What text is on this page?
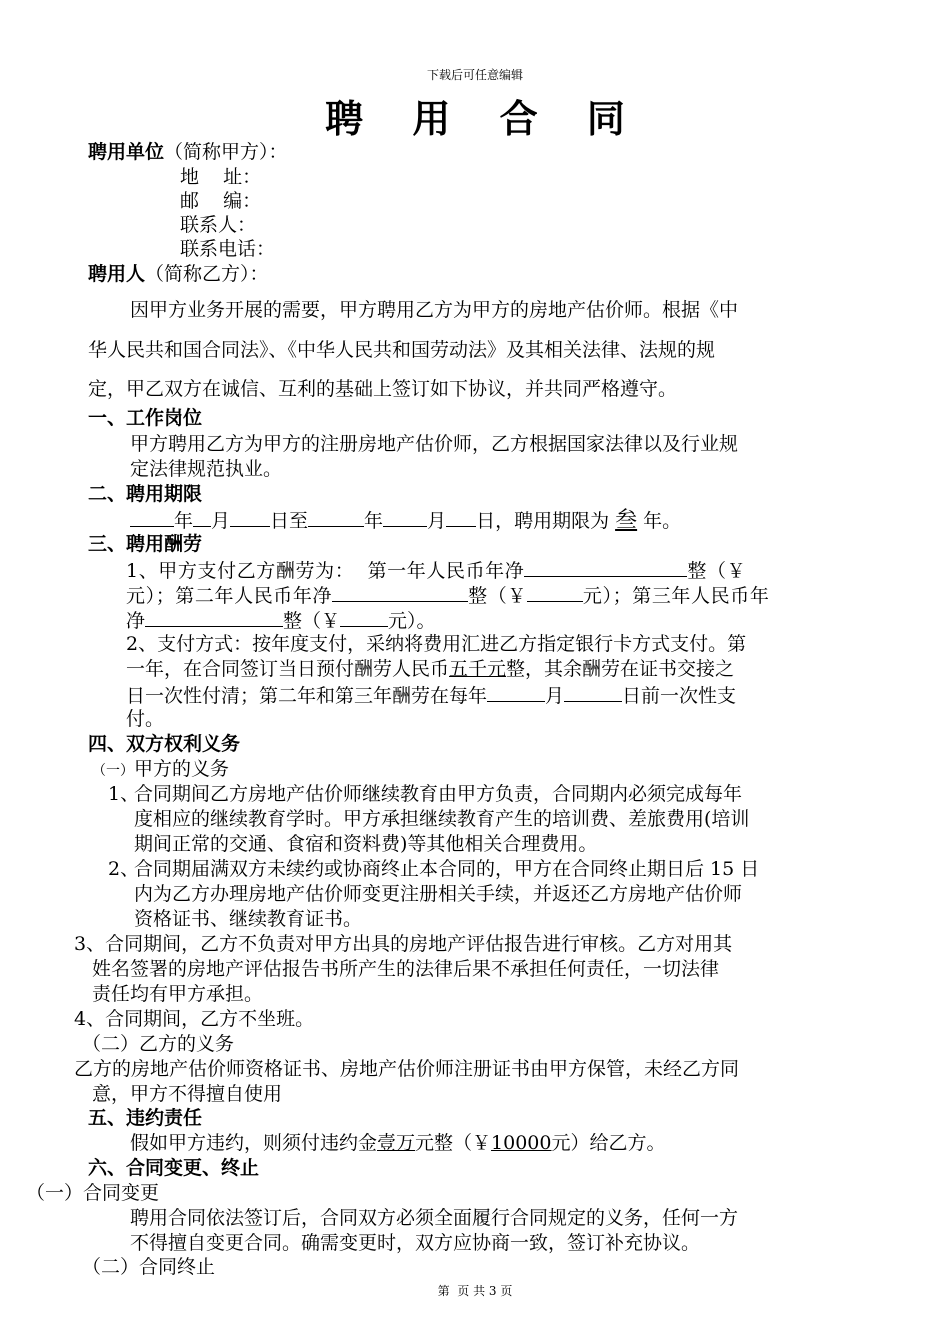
下载后可任意编辑
聘 用 合 同
聘用单位（简称甲方）：
地    址：
邮    编：
联系人：
联系电话：
聘用人（简称乙方）：
因甲方业务开展的需要，甲方聘用乙方为甲方的房地产估价师。根据《中
华人民共和国合同法》、《中华人民共和国劳动法》及其相关法律、法规的规
定，甲乙双方在诚信、互利的基础上签订如下协议，并共同严格遵守。
一、工作岗位
甲方聘用乙方为甲方的注册房地产估价师，乙方根据国家法律以及行业规
定法律规范执业。
二、聘用期限
年 月 日至	年 月 日，聘用期限为 叁 年。
三、聘用酬劳
1、甲方支付乙方酬劳为：  第一年人民币年净	整（￥
元）；第二年人民币年净	整（￥	元）；第三年人民币年
净	整（￥	元）。
2、支付方式：按年度支付，采纳将费用汇进乙方指定银行卡方式支付。第
一年，在合同签订当日预付酬劳人民币五千元整，其余酬劳在证书交接之
日一次性付清；第二年和第三年酬劳在每年	月	日前一次性支
付。
四、双方权利义务
（一）甲方的义务
1、
合同期间乙方房地产估价师继续教育由甲方负责，合同期内必须完成每年
度相应的继续教育学时。甲方承担继续教育产生的培训费、差旅费用(培训
期间正常的交通、食宿和资料费)等其他相关合理费用。
2、
合同期届满双方未续约或协商终止本合同的，甲方在合同终止期日后 15 日
内为乙方办理房地产估价师变更注册相关手续，并返还乙方房地产估价师
资格证书、继续教育证书。
3、合同期间，乙方不负责对甲方出具的房地产评估报告进行审核。乙方对用其
姓名签署的房地产评估报告书所产生的法律后果不承担任何责任，一切法律
责任均有甲方承担。
4、合同期间，乙方不坐班。
（二）乙方的义务
乙方的房地产估价师资格证书、房地产估价师注册证书由甲方保管，未经乙方同
意，甲方不得擅自使用
五、违约责任
假如甲方违约，则须付违约金壹万元整（￥10000元）给乙方。
六、合同变更、终止
（一）合同变更
聘用合同依法签订后，合同双方必须全面履行合同规定的义务，任何一方
不得擅自变更合同。确需变更时，双方应协商一致，签订补充协议。
（二）合同终止
第  页 共 3 页
